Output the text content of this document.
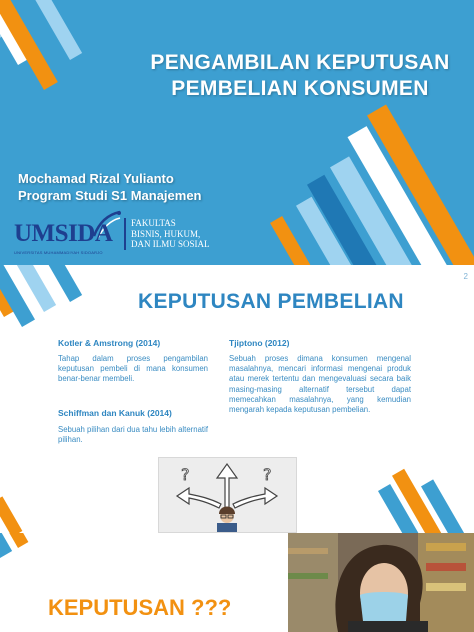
PENGAMBILAN KEPUTUSAN
PEMBELIAN KONSUMEN
Mochamad Rizal Yulianto
Program Studi S1 Manajemen
UMSIDA
UNIVERSITAS MUHAMMADIYAH SIDOARJO
FAKULTAS
BISNIS, HUKUM,
DAN ILMU SOSIAL
2
KEPUTUSAN PEMBELIAN
Kotler & Amstrong (2014)
Tahap dalam proses pengambilan keputusan pembeli di mana konsumen benar-benar membeli.
Schiffman dan Kanuk (2014)
Sebuah pilihan dari dua tahu lebih alternatif pilihan.
Tjiptono (2012)
Sebuah proses dimana konsumen mengenal masalahnya, mencari informasi mengenai produk atau merek tertentu dan mengevaluasi secara baik masing-masing alternatif tersebut dapat memecahkan masalahnya, yang kemudian mengarah kepada keputusan pembelian.
?	?
KEPUTUSAN ???
